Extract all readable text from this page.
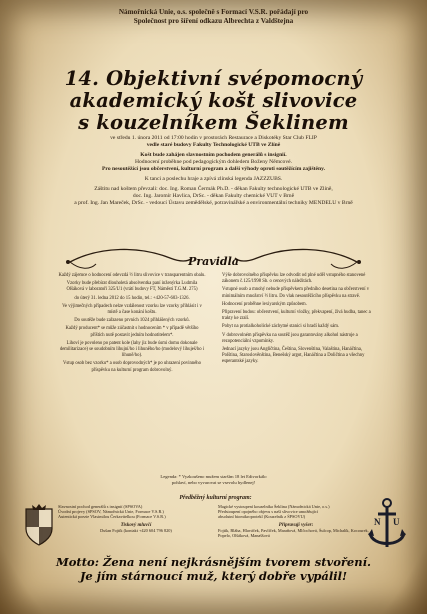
Námořnická Unie, o.s. společně s Formací V.S.R. pořádají pro
Společnost pro šíření odkazu Albrechta z Valdštejna
14. Objektivní svépomocný
akademický košt slivovice
s kouzelníkem Šeklinem
ve středu 1. února 2011 od 17:00 hodin v prostorách Restaurace a Diskotéky Star Club FLIP
vedle staré budovy Fakulty Technologické UTB ve Zlíně
Košt bude zahájen slavnostním pochodem generálů s insignií.
Hodnocení proběhne pod pedagogickým dohledem Boženy Němcové.
Pro nesoutěžící jsou občerstvení, kulturní program a další výhody oproti soutěžícím zajištěny.
K tanci a poslechu hraje a zpívá zlínská legenda JAZZZUBS.
Záštitu nad koštem převzali: doc. Ing. Roman Čermák Ph.D. - děkan Fakulty technologické UTB ve Zlíně,
doc. Ing. Jaromír Havlica, DrSc. - děkan Fakulty chemické VUT v Brně
a prof. Ing. Jan Mareček, DrSc. - vedoucí Ústavu zemědělské, potravinářské a environmentální techniky MENDELU v Brně
Pravidla
Každý zájemce o hodnocení odevzdá ½ litru slivovice v transparentním obalu.
Vzorky bude přebírat dlouholetá absolventka paní inženýrka Ludmila Olšáková v laboratoři 325/U1 (vrátí budovy FT, Náměstí T.G.M. 275)
do úterý 31. ledna 2012 do 15 hodin, tel.: +420-57-603-1326.
Ve výjimečných případech nelze vzdálenost vzorku lze vzorky přihlásit i v místě a čase konání koštu.
Do soutěže bude zařazeno prvních 1024 přihlášených vzorků.
Každý producent* se může zúčastnit s hodnocením * v případě většího příštích nutě postavit jedním hodnotitelem*.
Lihoví je povoleno po patent kole (lahy jiz bude úsmi domu dokonale demilitarizace) se soudobním lihujní/ho i lihuněho/ho (modelový lihuješ/ho i lihuně/ho).
Vstup osob bez vzorku* a osob doprovodných* je po uhrazení povinného příspěvku na kulturní program dobrovolný.
Výše dobrovolného příspěvku lze odvodit od plné uděl vstupného stanovené zákonem č.125/1998 Sb. o cenových náležitách.
Vstupné osob a mnohý nebude příspěvkem předního desetina na občerstvení v minimálním množství ½ litru. Do vlak nesoutěžícího příspěvku na stravě.
Hodnocení proběhne lexiyarským způsobem.
Připravení budou: občerstvení, kulturní vložky, překvapení, živá hudba, tanec a trakty ke zralí.
Pobyt na protialkoholické záchytné stanici si hradí každý sám.
V dobrovolném příspěvku na soutěž jsou garantovány alkohol nástroje a rezopotenciální vzpomínky.
Jednací jazyky jsou Angličtina, Čeština, Slovenština, Valaština, Hanáčtina, Polština, Staroslověnština, Benešský argot, Hanáčtina a Doličtina a všechny esperantské jazyky.
Legenda: * Vyzkoušeno mužem starším 18 let Edivorkálo
pohlaví, nebo vyvarovat se vsevolu bydlenej!
Předběžný kulturní program:
Slavnostní pochod generálů s insignií (SPSOVA)
Úvodní projevy (SPSOV, Námořnická Unie, Formace V.S.R.)
Autentická poezie Vlasimilou Čerkavitelkou (Formace V.S.R.)
Tiskový mluvčí
Dušan Fojtík (kontakt +420 604 796 820)
Magické vystoupení kouzelníka Šeklina (Námořnická Unie, o.s.)
Předstoupení opojného objevu s naší slivovice umožňující
absolutní biomikroprotekl (Kouzelník z ŠPSOVU)
Připravují vyšer:
Fojtík, Bláha, Hlaváček, Pavlíček, Maraňová, Mlčochová, Šulcop, Michalík, Kocourek, Popelo, Olšáková, Manaššová
N U
Motto: Žena není nejkrásnějším tvorem stvoření.
Je jím stárnoucí muž, který dobře vypálil!
